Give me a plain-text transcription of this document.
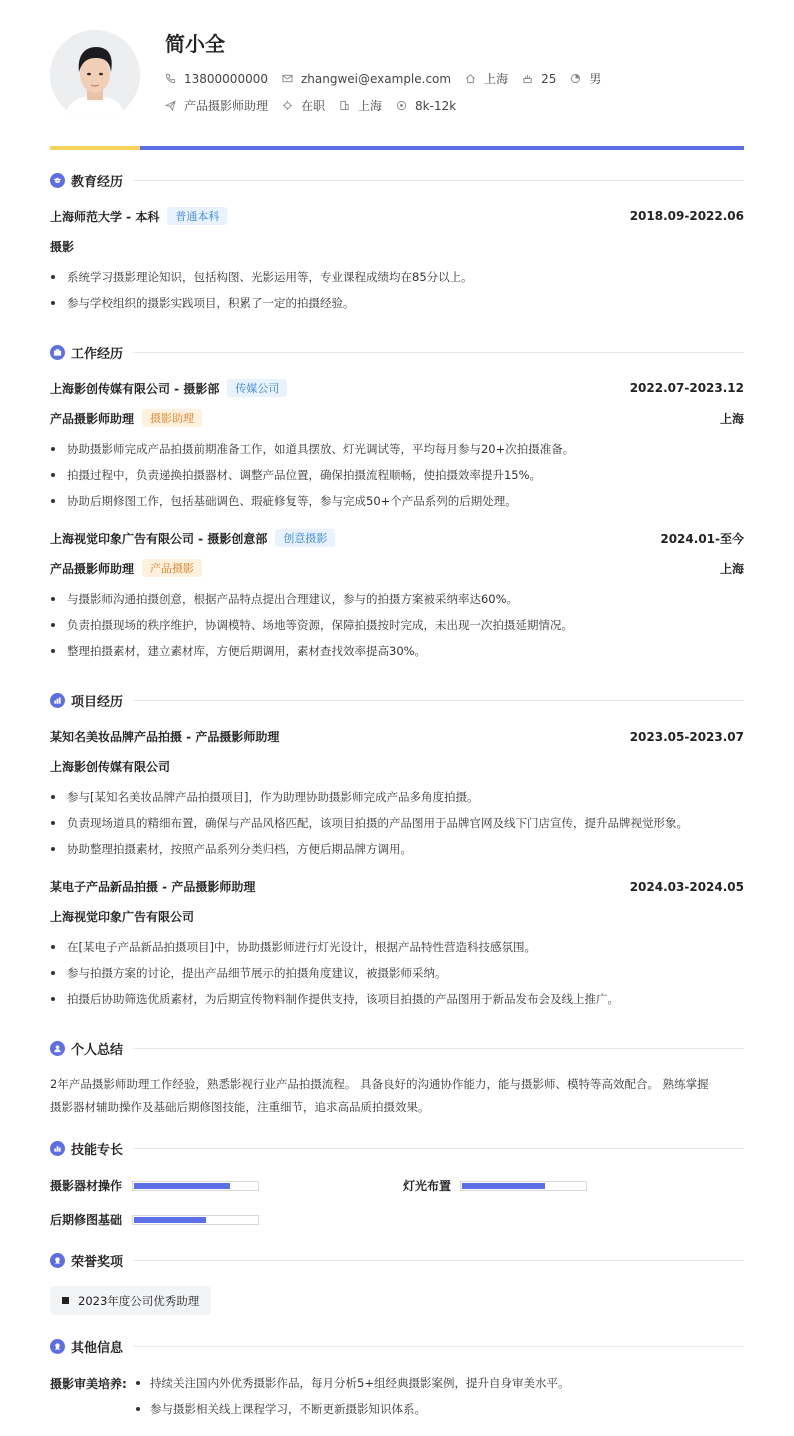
简小全
13800000000	zhangwei@example.com	上海	25	男
产品摄影师助理	在职	上海	8k-12k
教育经历
上海师范大学 - 本科	普通本科	2018.09-2022.06
摄影
系统学习摄影理论知识，包括构图、光影运用等，专业课程成绩均在85分以上。
参与学校组织的摄影实践项目，积累了一定的拍摄经验。
工作经历
上海影创传媒有限公司 - 摄影部	传媒公司	2022.07-2023.12
产品摄影师助理	摄影助理	上海
协助摄影师完成产品拍摄前期准备工作，如道具摆放、灯光调试等，平均每月参与20+次拍摄准备。
拍摄过程中，负责递换拍摄器材、调整产品位置，确保拍摄流程顺畅，使拍摄效率提升15%。
协助后期修图工作，包括基础调色、瑕疵修复等，参与完成50+个产品系列的后期处理。
上海视觉印象广告有限公司 - 摄影创意部	创意摄影	2024.01-至今
产品摄影师助理	产品摄影	上海
与摄影师沟通拍摄创意，根据产品特点提出合理建议，参与的拍摄方案被采纳率达60%。
负责拍摄现场的秩序维护，协调模特、场地等资源，保障拍摄按时完成，未出现一次拍摄延期情况。
整理拍摄素材，建立素材库，方便后期调用，素材查找效率提高30%。
项目经历
某知名美妆品牌产品拍摄 - 产品摄影师助理	2023.05-2023.07
上海影创传媒有限公司
参与[某知名美妆品牌产品拍摄项目]，作为助理协助摄影师完成产品多角度拍摄。
负责现场道具的精细布置，确保与产品风格匹配，该项目拍摄的产品图用于品牌官网及线下门店宣传，提升品牌视觉形象。
协助整理拍摄素材，按照产品系列分类归档，方便后期品牌方调用。
某电子产品新品拍摄 - 产品摄影师助理	2024.03-2024.05
上海视觉印象广告有限公司
在[某电子产品新品拍摄项目]中，协助摄影师进行灯光设计，根据产品特性营造科技感氛围。
参与拍摄方案的讨论，提出产品细节展示的拍摄角度建议，被摄影师采纳。
拍摄后协助筛选优质素材，为后期宣传物料制作提供支持，该项目拍摄的产品图用于新品发布会及线上推广。
个人总结
2年产品摄影师助理工作经验，熟悉影视行业产品拍摄流程。 具备良好的沟通协作能力，能与摄影师、模特等高效配合。 熟练掌握
摄影器材辅助操作及基础后期修图技能，注重细节，追求高品质拍摄效果。
技能专长
摄影器材操作	灯光布置
后期修图基础
荣誉奖项
2023年度公司优秀助理
其他信息
摄影审美培养:	持续关注国内外优秀摄影作品，每月分析5+组经典摄影案例，提升自身审美水平。
参与摄影相关线上课程学习，不断更新摄影知识体系。
